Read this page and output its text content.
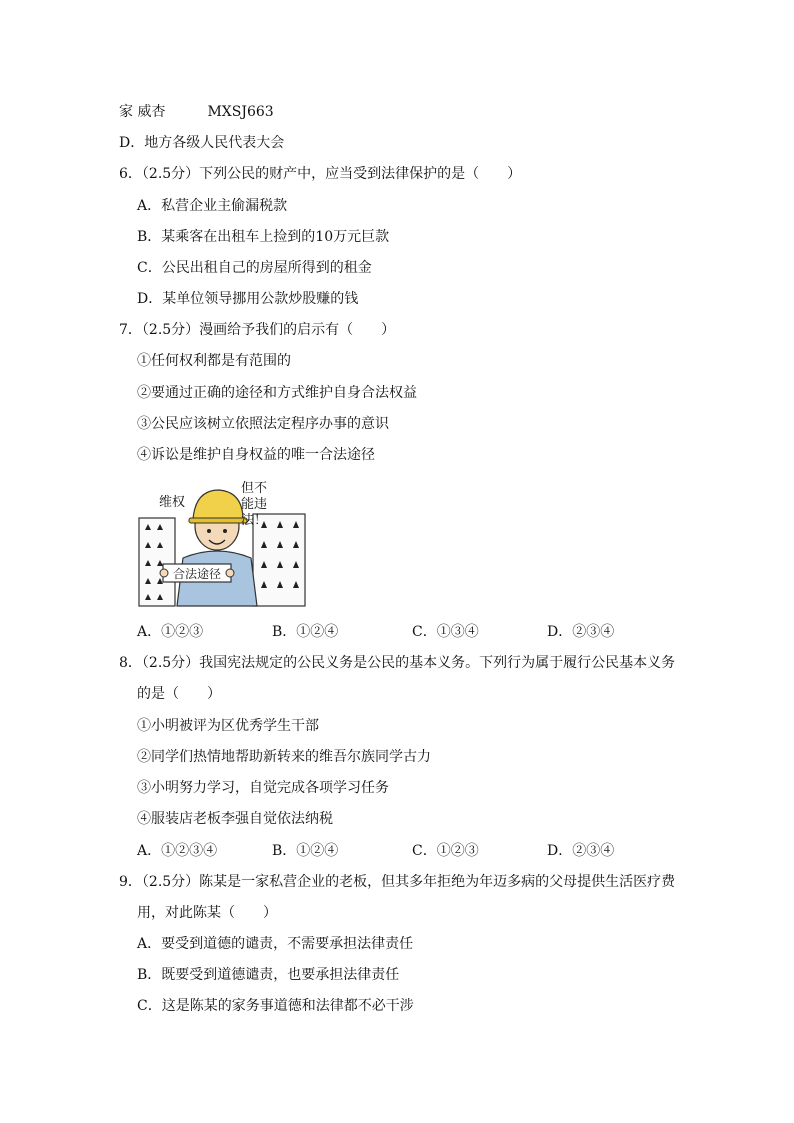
家 威杏	MXSJ663
D．地方各级人民代表大会
6．（2.5分）下列公民的财产中，应当受到法律保护的是（　　）
A．私营企业主偷漏税款
B．某乘客在出租车上捡到的10万元巨款
C．公民出租自己的房屋所得到的租金
D．某单位领导挪用公款炒股赚的钱
7．（2.5分）漫画给予我们的启示有（　　）
①任何权利都是有范围的
②要通过正确的途径和方式维护自身合法权益
③公民应该树立依照法定程序办事的意识
④诉讼是维护自身权益的唯一合法途径
合法途径
维权
但不
能违
法！
A．①②③	B．①②④	C．①③④	D．②③④
8．（2.5分）我国宪法规定的公民义务是公民的基本义务。下列行为属于履行公民基本义务
的是（　　）
①小明被评为区优秀学生干部
②同学们热情地帮助新转来的维吾尔族同学古力
③小明努力学习，自觉完成各项学习任务
④服装店老板李强自觉依法纳税
A．①②③④	B．①②④	C．①②③	D．②③④
9．（2.5分）陈某是一家私营企业的老板，但其多年拒绝为年迈多病的父母提供生活医疗费
用，对此陈某（　　）
A．要受到道德的谴责，不需要承担法律责任
B．既要受到道德谴责，也要承担法律责任
C．这是陈某的家务事道德和法律都不必干涉
